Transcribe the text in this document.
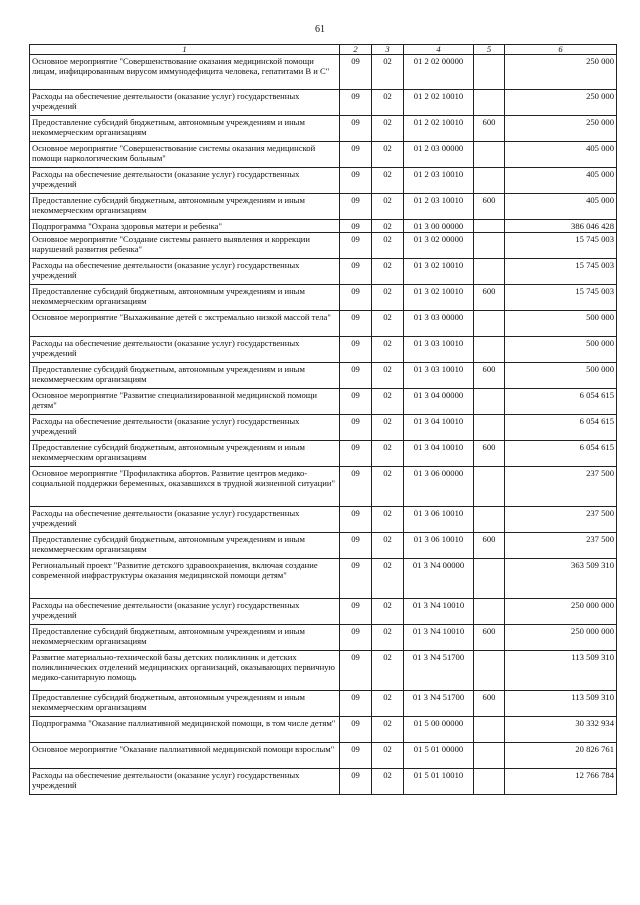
61
1	2	3	4	5	6
Основное мероприятие "Совершенствование оказания медицинской помощи лицам, инфицированным вирусом иммунодефицита человека, гепатитами В и С"	09	02	01 2 02 00000		250 000
Расходы на обеспечение деятельности (оказание услуг) государственных учреждений	09	02	01 2 02 10010		250 000
Предоставление субсидий бюджетным, автономным учреждениям и иным некоммерческим организациям	09	02	01 2 02 10010	600	250 000
Основное мероприятие "Совершенствование системы оказания медицинской помощи наркологическим больным"	09	02	01 2 03 00000		405 000
Расходы на обеспечение деятельности (оказание услуг) государственных учреждений	09	02	01 2 03 10010		405 000
Предоставление субсидий бюджетным, автономным учреждениям и иным некоммерческим организациям	09	02	01 2 03 10010	600	405 000
Подпрограмма "Охрана здоровья матери и ребенка"	09	02	01 3 00 00000		386 046 428
Основное мероприятие "Создание системы раннего выявления и коррекции нарушений развития ребенка"	09	02	01 3 02 00000		15 745 003
Расходы на обеспечение деятельности (оказание услуг) государственных учреждений	09	02	01 3 02 10010		15 745 003
Предоставление субсидий бюджетным, автономным учреждениям и иным некоммерческим организациям	09	02	01 3 02 10010	600	15 745 003
Основное мероприятие "Выхаживание детей с экстремально низкой массой тела"	09	02	01 3 03 00000		500 000
Расходы на обеспечение деятельности (оказание услуг) государственных учреждений	09	02	01 3 03 10010		500 000
Предоставление субсидий бюджетным, автономным учреждениям и иным некоммерческим организациям	09	02	01 3 03 10010	600	500 000
Основное мероприятие "Развитие специализированной медицинской помощи детям"	09	02	01 3 04 00000		6 054 615
Расходы на обеспечение деятельности (оказание услуг) государственных учреждений	09	02	01 3 04 10010		6 054 615
Предоставление субсидий бюджетным, автономным учреждениям и иным некоммерческим организациям	09	02	01 3 04 10010	600	6 054 615
Основное мероприятие "Профилактика абортов. Развитие центров медико-социальной поддержки беременных, оказавшихся в трудной жизненной ситуации"	09	02	01 3 06 00000		237 500
Расходы на обеспечение деятельности (оказание услуг) государственных учреждений	09	02	01 3 06 10010		237 500
Предоставление субсидий бюджетным, автономным учреждениям и иным некоммерческим организациям	09	02	01 3 06 10010	600	237 500
Региональный проект "Развитие детского здравоохранения, включая создание современной инфраструктуры оказания медицинской помощи детям"	09	02	01 3 N4 00000		363 509 310
Расходы на обеспечение деятельности (оказание услуг) государственных учреждений	09	02	01 3 N4 10010		250 000 000
Предоставление субсидий бюджетным, автономным учреждениям и иным некоммерческим организациям	09	02	01 3 N4 10010	600	250 000 000
Развитие материально-технической базы детских поликлиник и детских поликлинических отделений медицинских организаций, оказывающих первичную медико-санитарную помощь	09	02	01 3 N4 51700		113 509 310
Предоставление субсидий бюджетным, автономным учреждениям и иным некоммерческим организациям	09	02	01 3 N4 51700	600	113 509 310
Подпрограмма "Оказание паллиативной медицинской помощи, в том числе детям"	09	02	01 5 00 00000		30 332 934
Основное мероприятие "Оказание паллиативной медицинской помощи взрослым"	09	02	01 5 01 00000		20 826 761
Расходы на обеспечение деятельности (оказание услуг) государственных учреждений	09	02	01 5 01 10010		12 766 784
